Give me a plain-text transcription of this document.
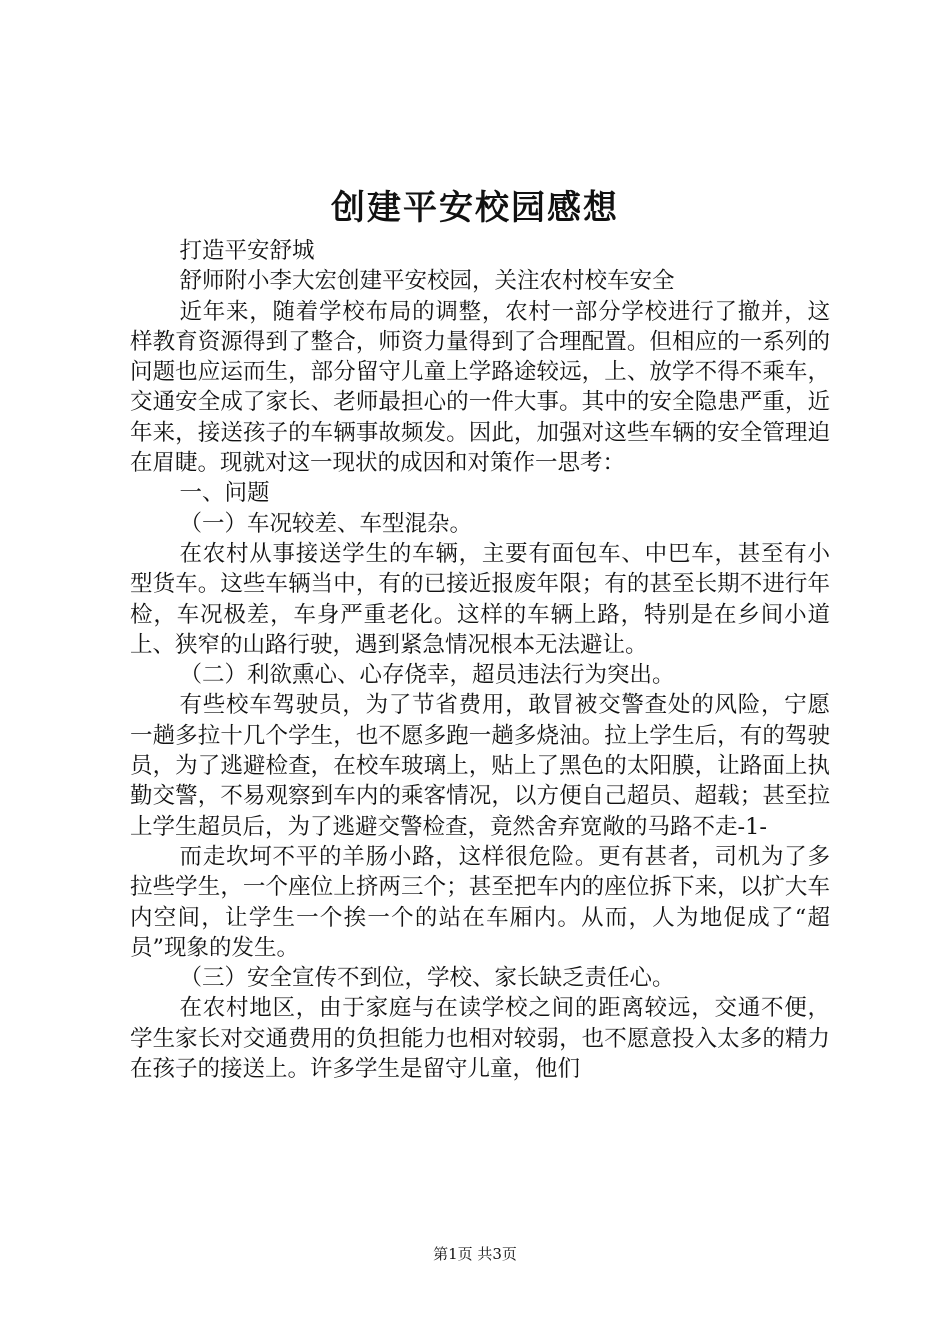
创建平安校园感想

打造平安舒城

舒师附小李大宏创建平安校园，关注农村校车安全

近年来，随着学校布局的调整，农村一部分学校进行了撤并，这样教育资源得到了整合，师资力量得到了合理配置。但相应的一系列的问题也应运而生，部分留守儿童上学路途较远，上、放学不得不乘车，交通安全成了家长、老师最担心的一件大事。其中的安全隐患严重，近年来，接送孩子的车辆事故频发。因此，加强对这些车辆的安全管理迫在眉睫。现就对这一现状的成因和对策作一思考：

一、问题

（一）车况较差、车型混杂。

在农村从事接送学生的车辆，主要有面包车、中巴车，甚至有小型货车。这些车辆当中，有的已接近报废年限；有的甚至长期不进行年检，车况极差，车身严重老化。这样的车辆上路，特别是在乡间小道上、狭窄的山路行驶，遇到紧急情况根本无法避让。

（二）利欲熏心、心存侥幸，超员违法行为突出。

有些校车驾驶员，为了节省费用，敢冒被交警查处的风险，宁愿一趟多拉十几个学生，也不愿多跑一趟多烧油。拉上学生后，有的驾驶员，为了逃避检查，在校车玻璃上，贴上了黑色的太阳膜，让路面上执勤交警，不易观察到车内的乘客情况，以方便自己超员、超载；甚至拉上学生超员后，为了逃避交警检查，竟然舍弃宽敞的马路不走-1-

而走坎坷不平的羊肠小路，这样很危险。更有甚者，司机为了多拉些学生，一个座位上挤两三个；甚至把车内的座位拆下来，以扩大车内空间，让学生一个挨一个的站在车厢内。从而，人为地促成了“超员”现象的发生。

（三）安全宣传不到位，学校、家长缺乏责任心。

在农村地区，由于家庭与在读学校之间的距离较远，交通不便，学生家长对交通费用的负担能力也相对较弱，也不愿意投入太多的精力在孩子的接送上。许多学生是留守儿童，他们

第1页 共3页
